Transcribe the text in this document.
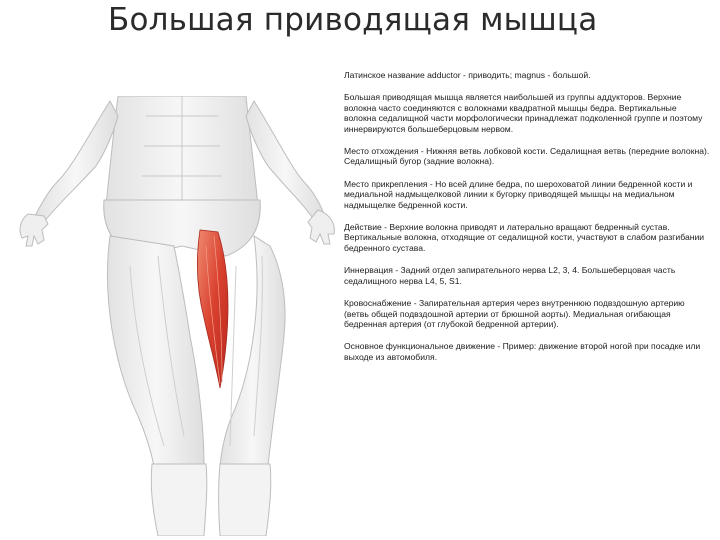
Большая приводящая мышца

Латинское название adductor - приводить; magnus - большой.

Большая приводящая мышца является наибольшей из группы аддукторов. Верхние волокна часто соединяются с волокнами квадратной мышцы бедра. Вертикальные волокна седалищной части морфологически принадлежат подколенной группе и поэтому иннервируются большеберцовым нервом.

Место отхождения - Нижняя ветвь лобковой кости. Седалищная ветвь (передние волокна). Седалищный бугор (задние волокна).

Место прикрепления - Но всей длине бедра, по шероховатой линии бедренной кости и медиальной надмыщелковой линии к бугорку приводящей мышцы на медиальном надмыщелке бедренной кости.

Действие - Верхние волокна приводят и латерально вращают бедренный сустав. Вертикальные волокна, отходящие от седалищной кости, участвуют в слабом разгибании бедренного сустава.

Иннервация - Задний отдел запирательного нерва L2, 3, 4. Большеберцовая часть седалищного нерва L4, 5, S1.

Кровоснабжение - Запирательная артерия через внутреннюю подвздошную артерию (ветвь общей подвздошной артерии от брюшной аорты). Медиальная огибающая бедренная артерия (от глубокой бедренной артерии).

Основное функциональное движение - Пример: движение второй ногой при посадке или выходе из автомобиля.
